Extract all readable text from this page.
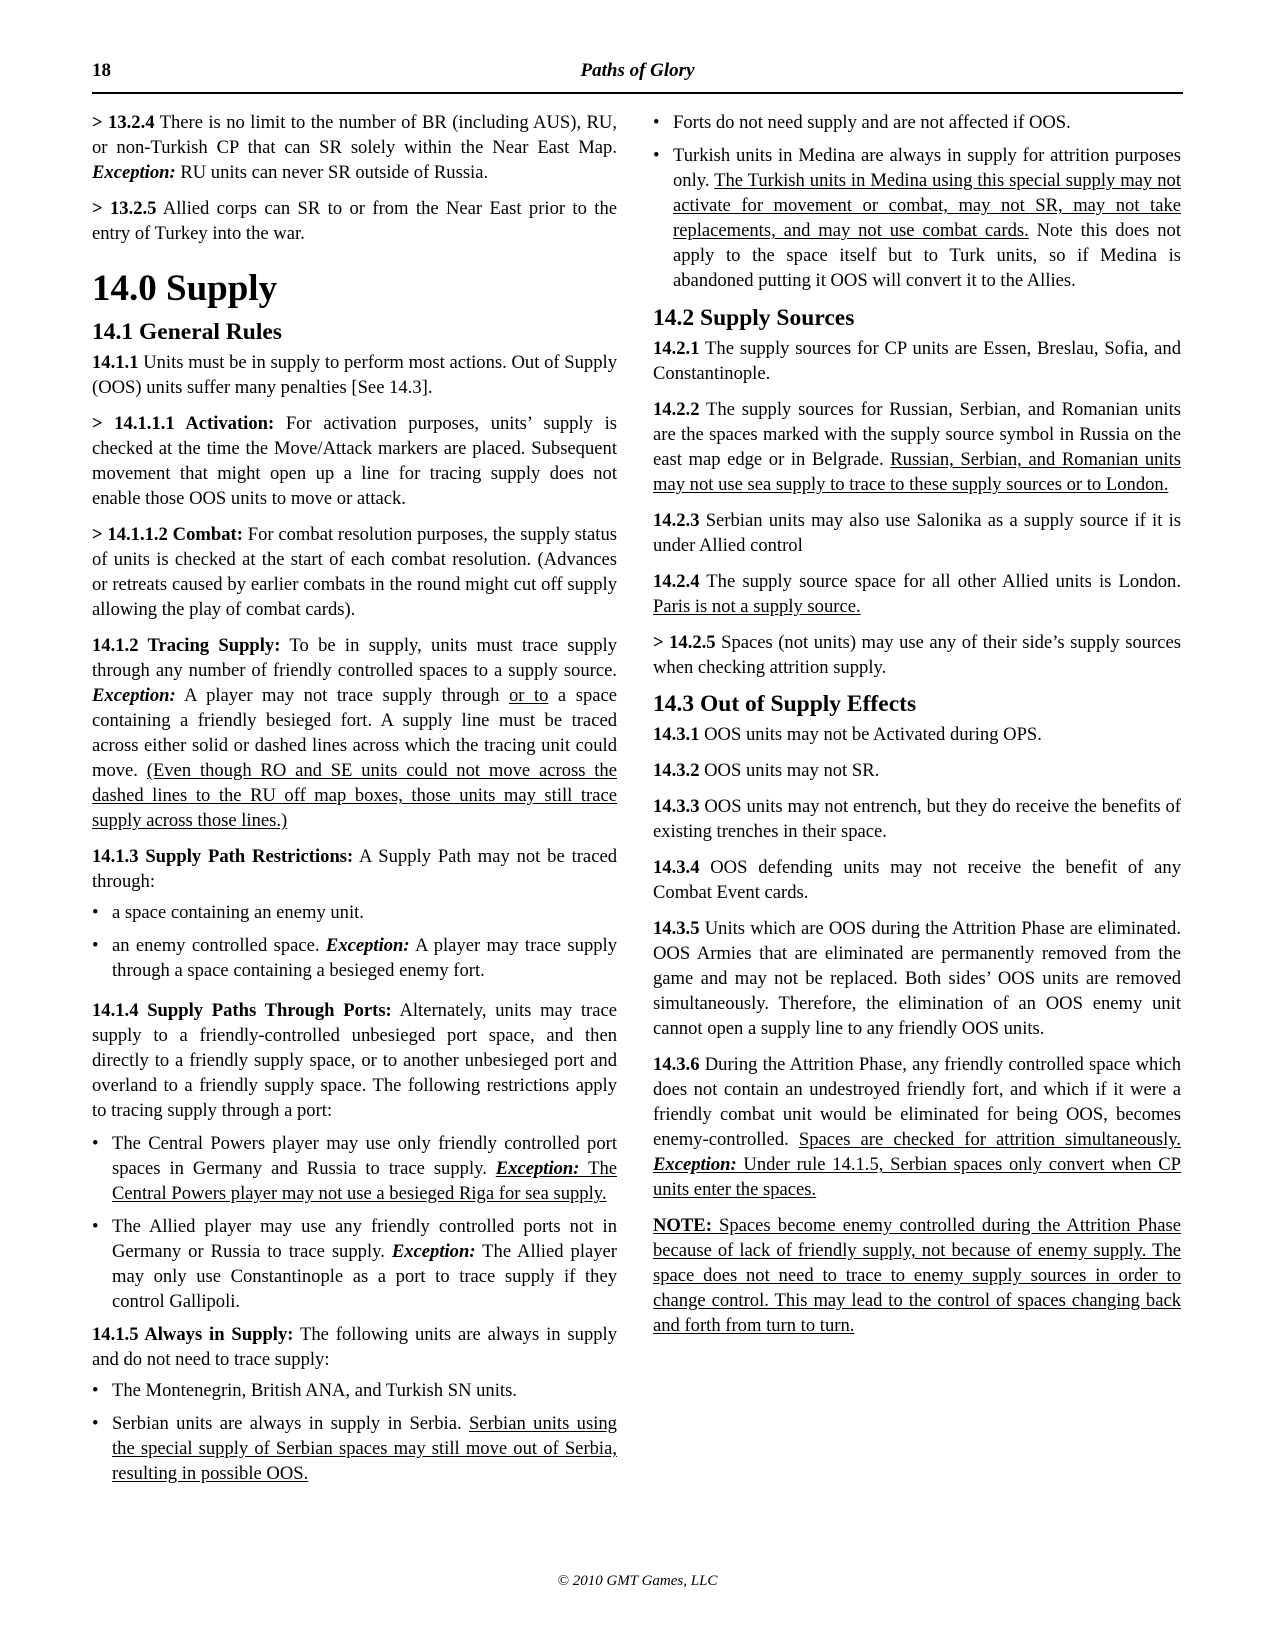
18	Paths of Glory

> 13.2.4 There is no limit to the number of BR (including AUS), RU, or non-Turkish CP that can SR solely within the Near East Map. Exception: RU units can never SR outside of Russia.

> 13.2.5 Allied corps can SR to or from the Near East prior to the entry of Turkey into the war.

14.0 Supply
14.1 General Rules

14.1.1 Units must be in supply to perform most actions. Out of Supply (OOS) units suffer many penalties [See 14.3].

> 14.1.1.1 Activation: For activation purposes, units’ supply is checked at the time the Move/Attack markers are placed. Subsequent movement that might open up a line for tracing supply does not enable those OOS units to move or attack.

> 14.1.1.2 Combat: For combat resolution purposes, the supply status of units is checked at the start of each combat resolution. (Advances or retreats caused by earlier combats in the round might cut off supply allowing the play of combat cards).

14.1.2 Tracing Supply: To be in supply, units must trace supply through any number of friendly controlled spaces to a supply source. Exception: A player may not trace supply through or to a space containing a friendly besieged fort. A supply line must be traced across either solid or dashed lines across which the tracing unit could move. (Even though RO and SE units could not move across the dashed lines to the RU off map boxes, those units may still trace supply across those lines.)

14.1.3 Supply Path Restrictions: A Supply Path may not be traced through:

• a space containing an enemy unit.
• an enemy controlled space. Exception: A player may trace supply through a space containing a besieged enemy fort.

14.1.4 Supply Paths Through Ports: Alternately, units may trace supply to a friendly-controlled unbesieged port space, and then directly to a friendly supply space, or to another unbesieged port and overland to a friendly supply space. The following restrictions apply to tracing supply through a port:

• The Central Powers player may use only friendly controlled port spaces in Germany and Russia to trace supply. Exception: The Central Powers player may not use a besieged Riga for sea supply.
• The Allied player may use any friendly controlled ports not in Germany or Russia to trace supply. Exception: The Allied player may only use Constantinople as a port to trace supply if they control Gallipoli.

14.1.5 Always in Supply: The following units are always in supply and do not need to trace supply:

• The Montenegrin, British ANA, and Turkish SN units.
• Serbian units are always in supply in Serbia. Serbian units using the special supply of Serbian spaces may still move out of Serbia, resulting in possible OOS.
• Forts do not need supply and are not affected if OOS.
• Turkish units in Medina are always in supply for attrition purposes only. The Turkish units in Medina using this special supply may not activate for movement or combat, may not SR, may not take replacements, and may not use combat cards. Note this does not apply to the space itself but to Turk units, so if Medina is abandoned putting it OOS will convert it to the Allies.
14.2 Supply Sources

14.2.1 The supply sources for CP units are Essen, Breslau, Sofia, and Constantinople.

14.2.2 The supply sources for Russian, Serbian, and Romanian units are the spaces marked with the supply source symbol in Russia on the east map edge or in Belgrade. Russian, Serbian, and Romanian units may not use sea supply to trace to these supply sources or to London.

14.2.3 Serbian units may also use Salonika as a supply source if it is under Allied control

14.2.4 The supply source space for all other Allied units is London. Paris is not a supply source.

> 14.2.5 Spaces (not units) may use any of their side’s supply sources when checking attrition supply.

14.3 Out of Supply Effects

14.3.1 OOS units may not be Activated during OPS.

14.3.2 OOS units may not SR.

14.3.3 OOS units may not entrench, but they do receive the benefits of existing trenches in their space.

14.3.4 OOS defending units may not receive the benefit of any Combat Event cards.

14.3.5 Units which are OOS during the Attrition Phase are eliminated. OOS Armies that are eliminated are permanently removed from the game and may not be replaced. Both sides’ OOS units are removed simultaneously. Therefore, the elimination of an OOS enemy unit cannot open a supply line to any friendly OOS units.

14.3.6 During the Attrition Phase, any friendly controlled space which does not contain an undestroyed friendly fort, and which if it were a friendly combat unit would be eliminated for being OOS, becomes enemy-controlled. Spaces are checked for attrition simultaneously. Exception: Under rule 14.1.5, Serbian spaces only convert when CP units enter the spaces.

NOTE: Spaces become enemy controlled during the Attrition Phase because of lack of friendly supply, not because of enemy supply. The space does not need to trace to enemy supply sources in order to change control. This may lead to the control of spaces changing back and forth from turn to turn.

© 2010 GMT Games, LLC
